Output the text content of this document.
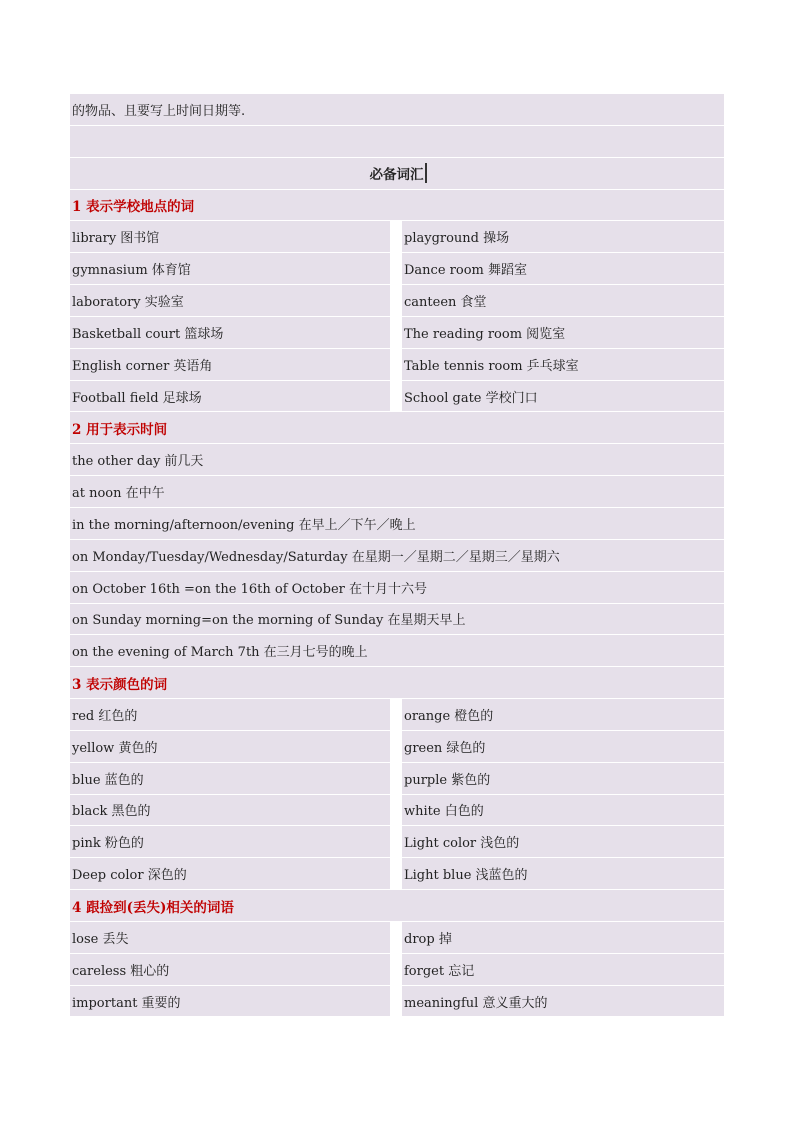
的物品、且要写上时间日期等.
必备词汇
1 表示学校地点的词
library 图书馆	playground 操场
gymnasium 体育馆	Dance room 舞蹈室
laboratory 实验室	canteen 食堂
Basketball court 篮球场	The reading room 阅览室
English corner 英语角	Table tennis room 乒乓球室
Football field 足球场	School gate 学校门口
2 用于表示时间
the other day 前几天
at noon 在中午
in the morning/afternoon/evening 在早上／下午／晚上
on Monday/Tuesday/Wednesday/Saturday 在星期一／星期二／星期三／星期六
on October 16th =on the 16th of October 在十月十六号
on Sunday morning=on the morning of Sunday 在星期天早上
on the evening of March 7th 在三月七号的晚上
3 表示颜色的词
red 红色的	orange 橙色的
yellow 黄色的	green 绿色的
blue 蓝色的	purple 紫色的
black 黑色的	white 白色的
pink 粉色的	Light color 浅色的
Deep color 深色的	Light blue 浅蓝色的
4 跟捡到(丢失)相关的词语
lose 丢失	drop 掉
careless 粗心的	forget 忘记
important 重要的	meaningful 意义重大的
